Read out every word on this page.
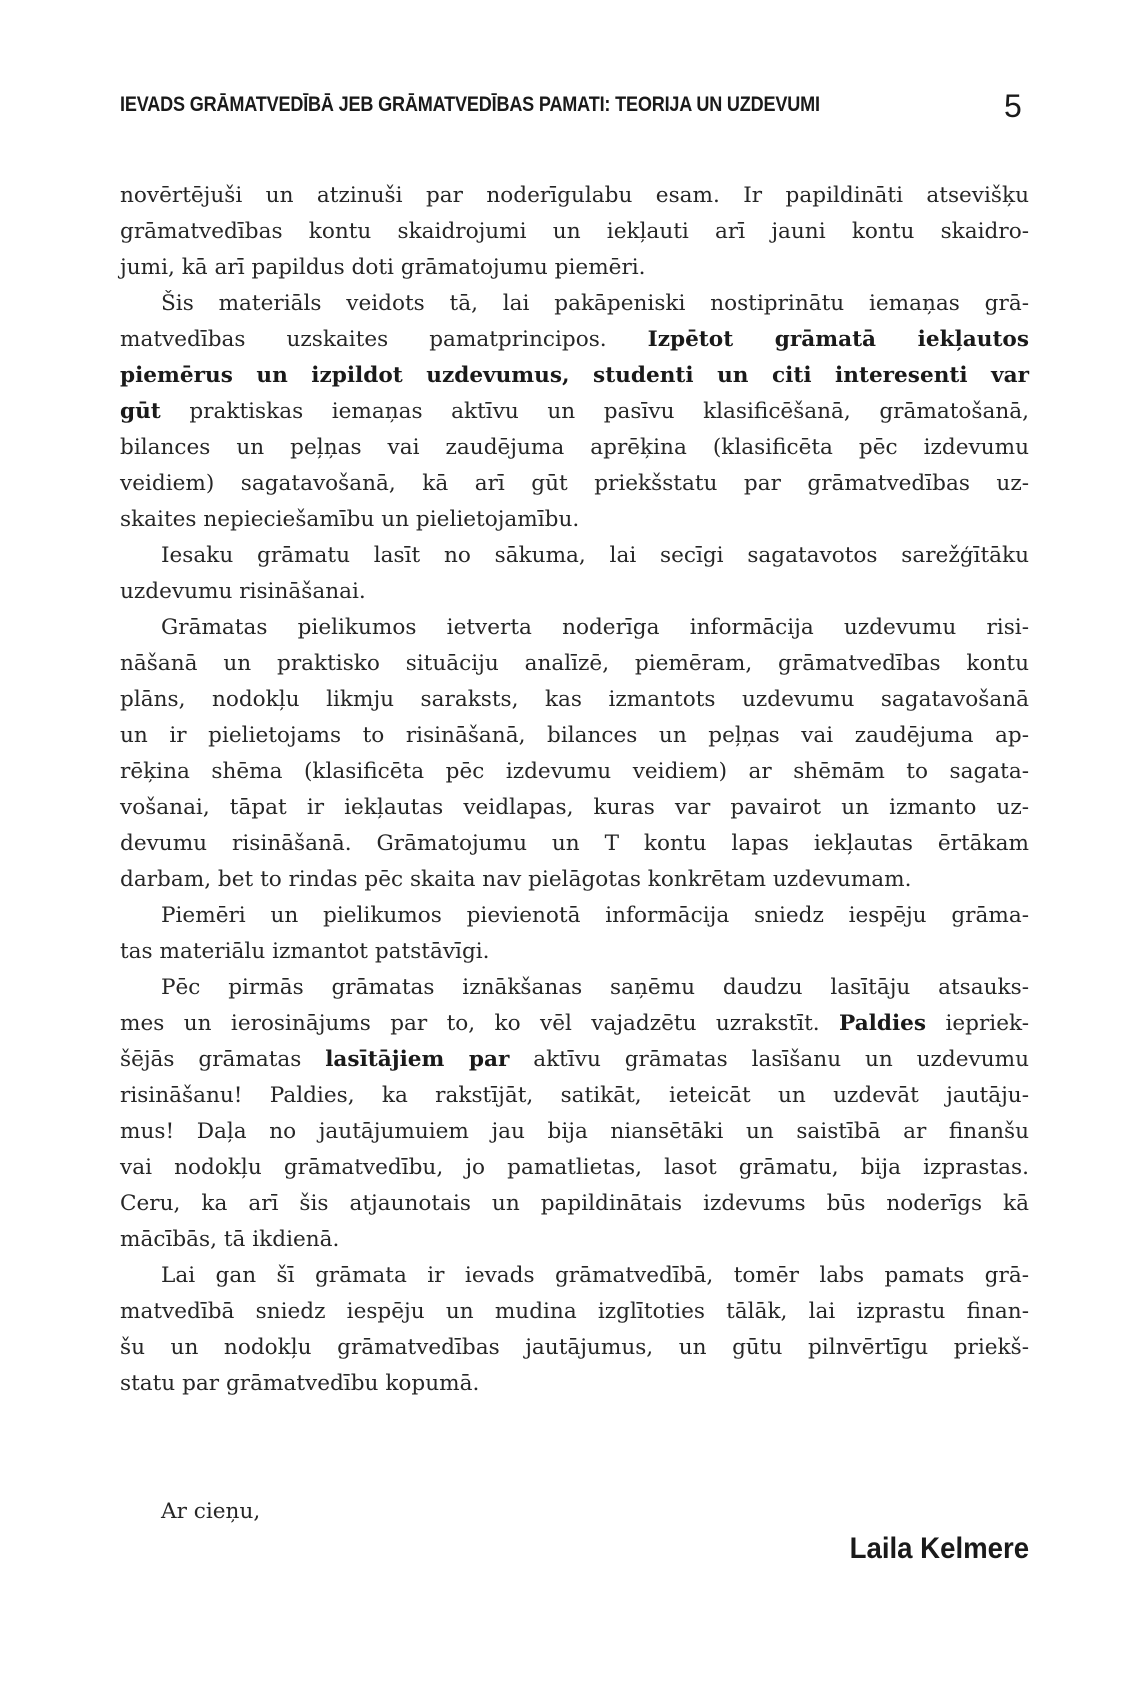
IEVADS GRĀMATVEDĪBĀ JEB GRĀMATVEDĪBAS PAMATI: TEORIJA UN UZDEVUMI	5
novērtējuši un atzinuši par noderīgulabu esam. Ir papildināti atsevišķu
grāmatvedības kontu skaidrojumi un iekļauti arī jauni kontu skaidro-
jumi, kā arī papildus doti grāmatojumu piemēri.
Šis materiāls veidots tā, lai pakāpeniski nostiprinātu iemaņas grā-
matvedības uzskaites pamatprincipos. Izpētot grāmatā iekļautos
piemērus un izpildot uzdevumus, studenti un citi interesenti var
gūt praktiskas iemaņas aktīvu un pasīvu klasificēšanā, grāmatošanā,
bilances un peļņas vai zaudējuma aprēķina (klasificēta pēc izdevumu
veidiem) sagatavošanā, kā arī gūt priekšstatu par grāmatvedības uz-
skaites nepieciešamību un pielietojamību.
Iesaku grāmatu lasīt no sākuma, lai secīgi sagatavotos sarežģītāku
uzdevumu risināšanai.
Grāmatas pielikumos ietverta noderīga informācija uzdevumu risi-
nāšanā un praktisko situāciju analīzē, piemēram, grāmatvedības kontu
plāns, nodokļu likmju saraksts, kas izmantots uzdevumu sagatavošanā
un ir pielietojams to risināšanā, bilances un peļņas vai zaudējuma ap-
rēķina shēma (klasificēta pēc izdevumu veidiem) ar shēmām to sagata-
vošanai, tāpat ir iekļautas veidlapas, kuras var pavairot un izmanto uz-
devumu risināšanā. Grāmatojumu un T kontu lapas iekļautas ērtākam
darbam, bet to rindas pēc skaita nav pielāgotas konkrētam uzdevumam.
Piemēri un pielikumos pievienotā informācija sniedz iespēju grāma-
tas materiālu izmantot patstāvīgi.
Pēc pirmās grāmatas iznākšanas saņēmu daudzu lasītāju atsauks-
mes un ierosinājums par to, ko vēl vajadzētu uzrakstīt. Paldies iepriek-
šējās grāmatas lasītājiem par aktīvu grāmatas lasīšanu un uzdevumu
risināšanu! Paldies, ka rakstījāt, satikāt, ieteicāt un uzdevāt jautāju-
mus! Daļa no jautājumuiem jau bija niansētāki un saistībā ar finanšu
vai nodokļu grāmatvedību, jo pamatlietas, lasot grāmatu, bija izprastas.
Ceru, ka arī šis atjaunotais un papildinātais izdevums būs noderīgs kā
mācībās, tā ikdienā.
Lai gan šī grāmata ir ievads grāmatvedībā, tomēr labs pamats grā-
matvedībā sniedz iespēju un mudina izglītoties tālāk, lai izprastu finan-
šu un nodokļu grāmatvedības jautājumus, un gūtu pilnvērtīgu priekš-
statu par grāmatvedību kopumā.
Ar cieņu,
Laila Kelmere
